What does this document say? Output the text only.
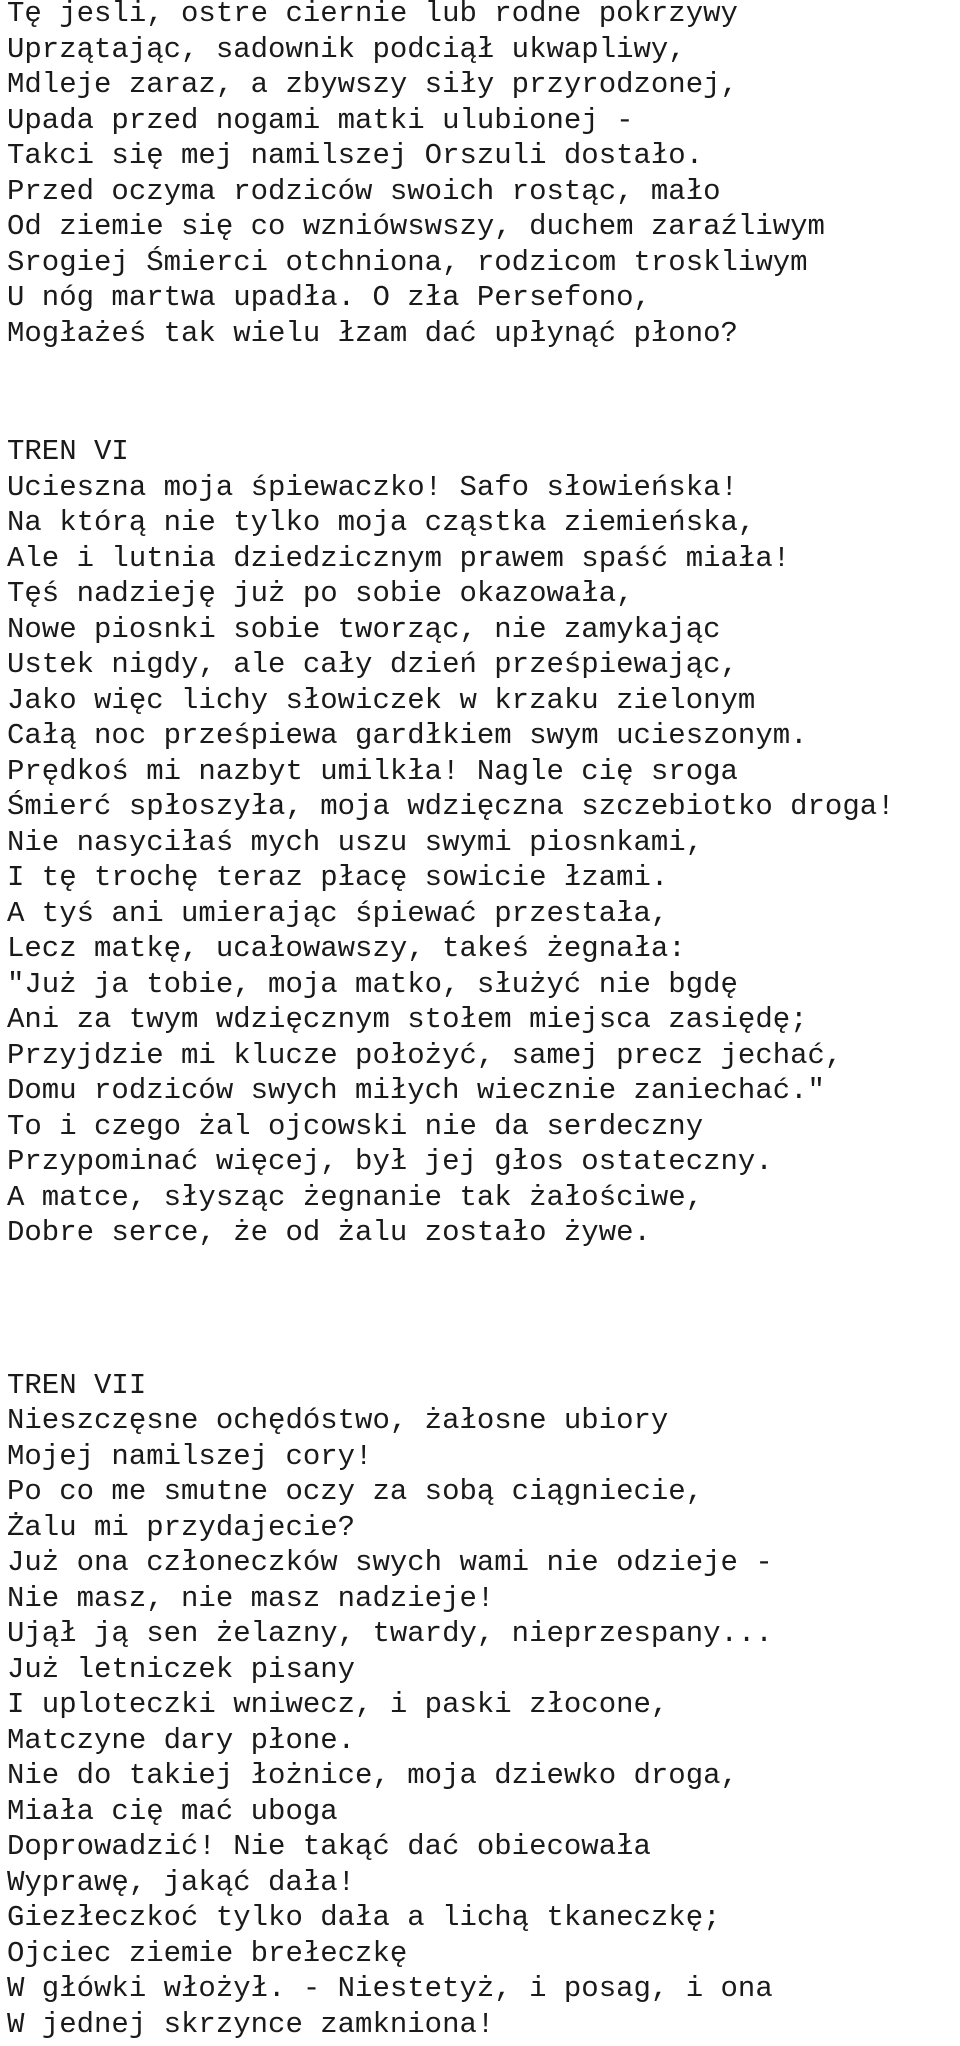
Tę jesli, ostre ciernie lub rodne pokrzywy
Uprzątając, sadownik podciął ukwapliwy,
Mdleje zaraz, a zbywszy siły przyrodzonej,
Upada przed nogami matki ulubionej -
Takci się mej namilszej Orszuli dostało.
Przed oczyma rodziców swoich rostąc, mało
Od ziemie się co wzniówswszy, duchem zaraźliwym
Srogiej Śmierci otchniona, rodzicom troskliwym
U nóg martwa upadła. O zła Persefono,
Mogłażeś tak wielu łzam dać upłynąć płono?
TREN VI
Ucieszna moja śpiewaczko! Safo słowieńska!
Na którą nie tylko moja cząstka ziemieńska,
Ale i lutnia dziedzicznym prawem spaść miała!
Tęś nadzieję już po sobie okazowała,
Nowe piosnki sobie tworząc, nie zamykając
Ustek nigdy, ale cały dzień prześpiewając,
Jako więc lichy słowiczek w krzaku zielonym
Całą noc prześpiewa gardłkiem swym ucieszonym.
Prędkoś mi nazbyt umilkła! Nagle cię sroga
Śmierć spłoszyła, moja wdzięczna szczebiotko droga!
Nie nasyciłaś mych uszu swymi piosnkami,
I tę trochę teraz płacę sowicie łzami.
A tyś ani umierając śpiewać przestała,
Lecz matkę, ucałowawszy, takeś żegnała:
"Już ja tobie, moja matko, służyć nie bgdę
Ani za twym wdzięcznym stołem miejsca zasiędę;
Przyjdzie mi klucze położyć, samej precz jechać,
Domu rodziców swych miłych wiecznie zaniechać."
To i czego żal ojcowski nie da serdeczny
Przypominać więcej, był jej głos ostateczny.
A matce, słysząc żegnanie tak żałościwe,
Dobre serce, że od żalu zostało żywe.
TREN VII
Nieszczęsne ochędóstwo, żałosne ubiory
Mojej namilszej cory!
Po co me smutne oczy za sobą ciągniecie,
Żalu mi przydajecie?
Już ona członeczków swych wami nie odzieje -
Nie masz, nie masz nadzieje!
Ujął ją sen żelazny, twardy, nieprzespany...
Już letniczek pisany
I uploteczki wniwecz, i paski złocone,
Matczyne dary płone.
Nie do takiej łożnice, moja dziewko droga,
Miała cię mać uboga
Doprowadzić! Nie takąć dać obiecowała
Wyprawę, jakąć dała!
Giezłeczkoć tylko dała a lichą tkaneczkę;
Ojciec ziemie brełeczkę
W główki włożył. - Niestetyż, i posag, i ona
W jednej skrzynce zamkniona!
